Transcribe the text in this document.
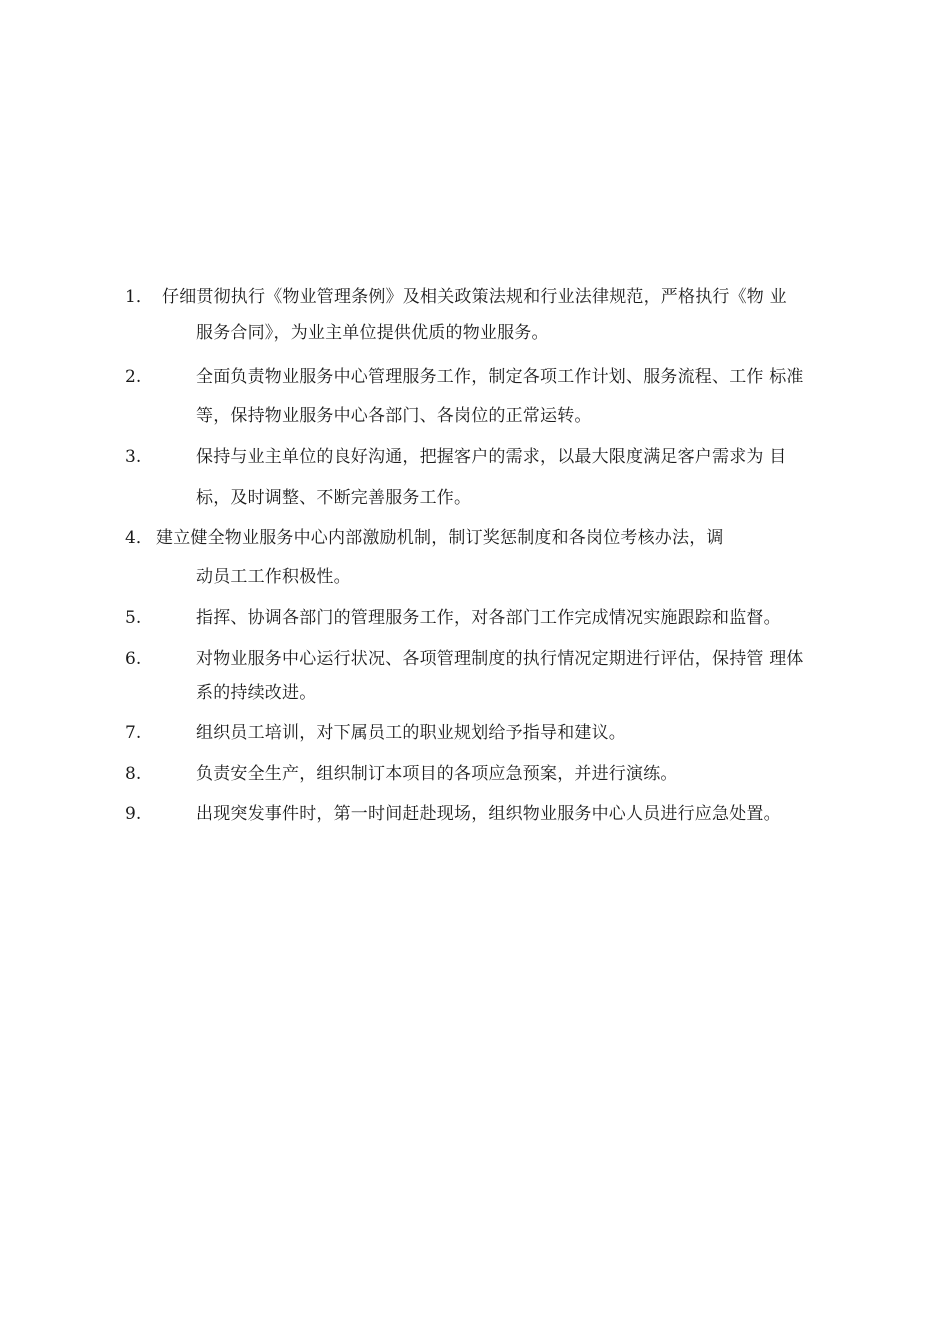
1． 仔细贯彻执行《物业管理条例》及相关政策法规和行业法律规范，严格执行《物 业
服务合同》，为业主单位提供优质的物业服务。
2.	全面负责物业服务中心管理服务工作，制定各项工作计划、服务流程、工作 标准
等，保持物业服务中心各部门、各岗位的正常运转。
3.	保持与业主单位的良好沟通，把握客户的需求，以最大限度满足客户需求为 目
标，及时调整、不断完善服务工作。
4． 建立健全物业服务中心内部激励机制，制订奖惩制度和各岗位考核办法，调
动员工工作积极性。
5.	指挥、协调各部门的管理服务工作，对各部门工作完成情况实施跟踪和监督。
6.	对物业服务中心运行状况、各项管理制度的执行情况定期进行评估，保持管 理体
系的持续改进。
7.	组织员工培训，对下属员工的职业规划给予指导和建议。
8.	负责安全生产，组织制订本项目的各项应急预案，并进行演练。
9.	出现突发事件时，第一时间赶赴现场，组织物业服务中心人员进行应急处置。
